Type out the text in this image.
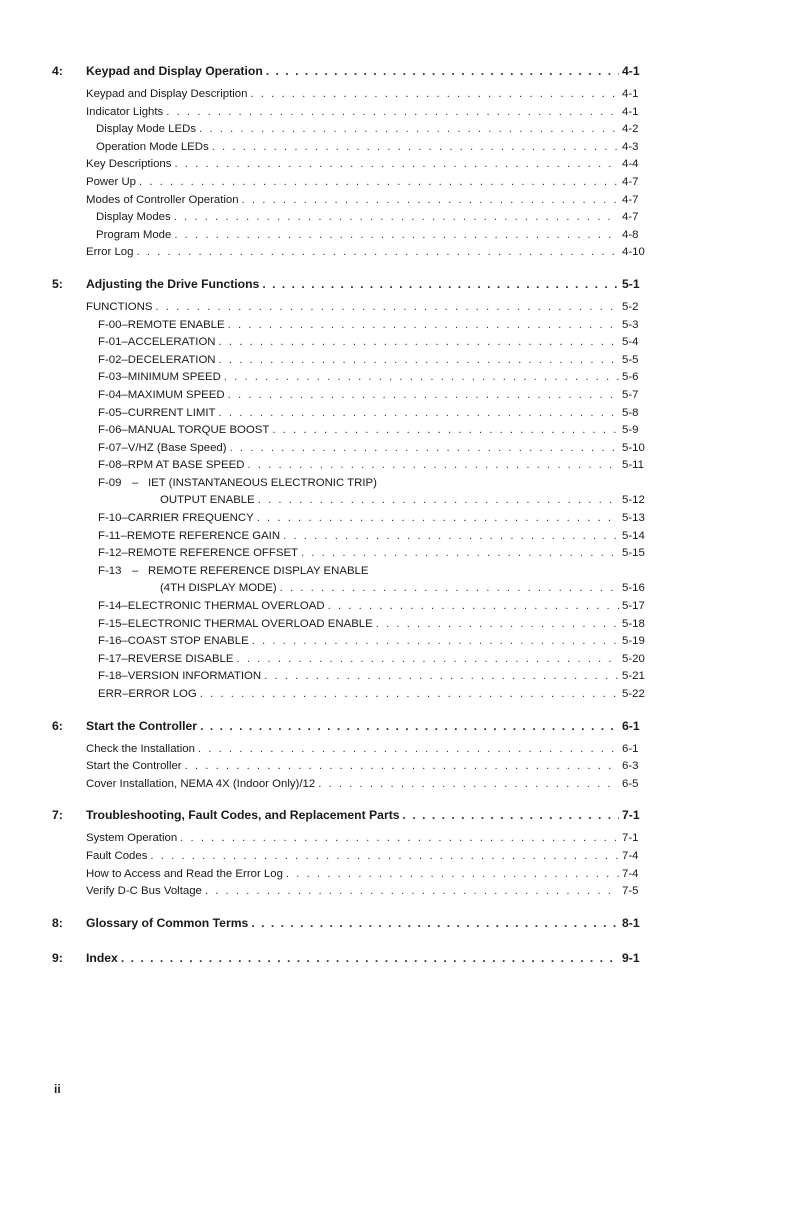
4:	Keypad and Display Operation . . .	4-1
Keypad and Display Description . . .	4-1
Indicator Lights . . .	4-1
Display Mode LEDs . . .	4-2
Operation Mode LEDs . . .	4-3
Key Descriptions . . .	4-4
Power Up . . .	4-7
Modes of Controller Operation . . .	4-7
Display Modes . . .	4-7
Program Mode . . .	4-8
Error Log . . .	4-10
5:	Adjusting the Drive Functions . . .	5-1
FUNCTIONS . . .	5-2
F-00 – REMOTE ENABLE . . .	5-3
F-01 – ACCELERATION . . .	5-4
F-02 – DECELERATION . . .	5-5
F-03 – MINIMUM SPEED . . .	5-6
F-04 – MAXIMUM SPEED . . .	5-7
F-05 – CURRENT LIMIT . . .	5-8
F-06 – MANUAL TORQUE BOOST . . .	5-9
F-07 – V/HZ (Base Speed) . . .	5-10
F-08 – RPM AT BASE SPEED . . .	5-11
F-09 – IET (INSTANTANEOUS ELECTRONIC TRIP)
OUTPUT ENABLE . . .	5-12
F-10 – CARRIER FREQUENCY . . .	5-13
F-11 – REMOTE REFERENCE GAIN . . .	5-14
F-12 – REMOTE REFERENCE OFFSET . . .	5-15
F-13 – REMOTE REFERENCE DISPLAY ENABLE
(4TH DISPLAY MODE) . . .	5-16
F-14 – ELECTRONIC THERMAL OVERLOAD . . .	5-17
F-15 – ELECTRONIC THERMAL OVERLOAD ENABLE . . .	5-18
F-16 – COAST STOP ENABLE . . .	5-19
F-17 – REVERSE DISABLE . . .	5-20
F-18 – VERSION INFORMATION . . .	5-21
ERR – ERROR LOG . . .	5-22
6:	Start the Controller . . .	6-1
Check the Installation . . .	6-1
Start the Controller . . .	6-3
Cover Installation, NEMA 4X (Indoor Only)/12 . . .	6-5
7:	Troubleshooting, Fault Codes, and Replacement Parts . . .	7-1
System Operation . . .	7-1
Fault Codes . . .	7-4
How to Access and Read the Error Log . . .	7-4
Verify D-C Bus Voltage . . .	7-5
8:	Glossary of Common Terms . . .	8-1
9:	Index . . .	9-1
ii
